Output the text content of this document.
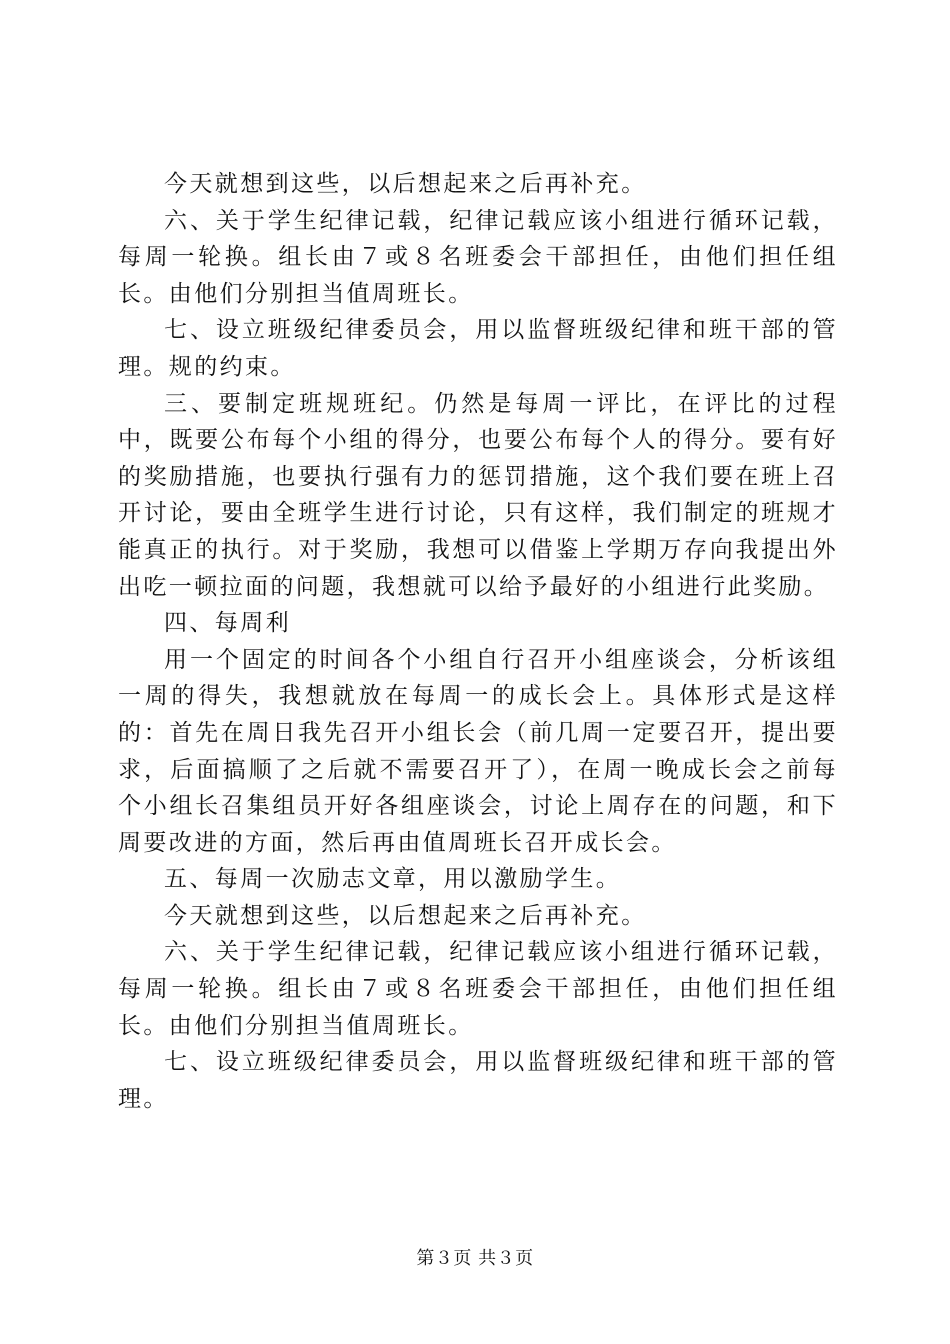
今天就想到这些，以后想起来之后再补充。

六、关于学生纪律记载，纪律记载应该小组进行循环记载，每周一轮换。组长由７或８名班委会干部担任，由他们担任组长。由他们分别担当值周班长。

七、设立班级纪律委员会，用以监督班级纪律和班干部的管理。规的约束。

三、要制定班规班纪。仍然是每周一评比，在评比的过程中，既要公布每个小组的得分，也要公布每个人的得分。要有好的奖励措施，也要执行强有力的惩罚措施，这个我们要在班上召开讨论，要由全班学生进行讨论，只有这样，我们制定的班规才能真正的执行。对于奖励，我想可以借鉴上学期万存向我提出外出吃一顿拉面的问题，我想就可以给予最好的小组进行此奖励。

四、每周利

用一个固定的时间各个小组自行召开小组座谈会，分析该组一周的得失，我想就放在每周一的成长会上。具体形式是这样的：首先在周日我先召开小组长会（前几周一定要召开，提出要求，后面搞顺了之后就不需要召开了），在周一晚成长会之前每个小组长召集组员开好各组座谈会，讨论上周存在的问题，和下周要改进的方面，然后再由值周班长召开成长会。

五、每周一次励志文章，用以激励学生。

今天就想到这些，以后想起来之后再补充。

六、关于学生纪律记载，纪律记载应该小组进行循环记载，每周一轮换。组长由７或８名班委会干部担任，由他们担任组长。由他们分别担当值周班长。

七、设立班级纪律委员会，用以监督班级纪律和班干部的管理。

第３页 共３页
